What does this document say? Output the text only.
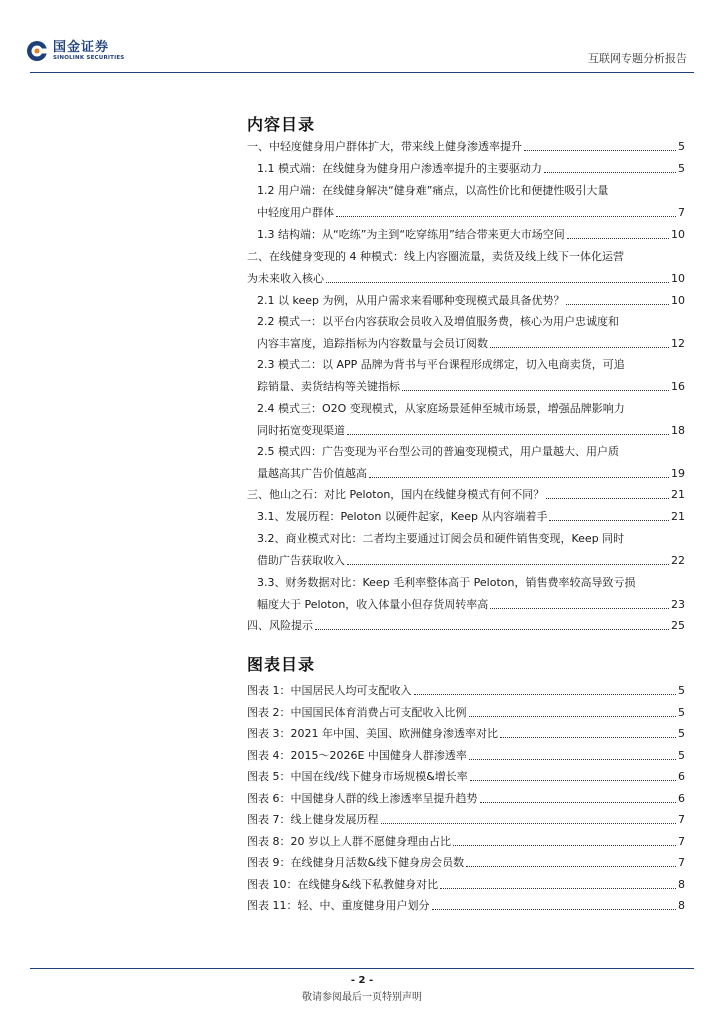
国金证券
SINOLINK SECURITIES	互联网专题分析报告
内容目录
一、中轻度健身用户群体扩大，带来线上健身渗透率提升	5
1.1 模式端：在线健身为健身用户渗透率提升的主要驱动力	5
1.2 用户端：在线健身解决“健身难”痛点，以高性价比和便捷性吸引大量
中轻度用户群体	7
1.3 结构端：从“吃练”为主到“吃穿练用”结合带来更大市场空间	10
二、在线健身变现的 4 种模式：线上内容圈流量，卖货及线上线下一体化运营
为未来收入核心	10
2.1 以 keep 为例，从用户需求来看哪种变现模式最具备优势？	10
2.2 模式一：以平台内容获取会员收入及增值服务费，核心为用户忠诚度和
内容丰富度，追踪指标为内容数量与会员订阅数	12
2.3 模式二：以 APP 品牌为背书与平台课程形成绑定，切入电商卖货，可追
踪销量、卖货结构等关键指标	16
2.4 模式三：O2O 变现模式，从家庭场景延伸至城市场景，增强品牌影响力
同时拓宽变现渠道	18
2.5 模式四：广告变现为平台型公司的普遍变现模式，用户量越大、用户质
量越高其广告价值越高	19
三、他山之石：对比 Peloton，国内在线健身模式有何不同？	21
3.1、发展历程：Peloton 以硬件起家，Keep 从内容端着手	21
3.2、商业模式对比：二者均主要通过订阅会员和硬件销售变现，Keep 同时
借助广告获取收入	22
3.3、财务数据对比：Keep 毛利率整体高于 Peloton，销售费率较高导致亏损
幅度大于 Peloton，收入体量小但存货周转率高	23
四、风险提示	25
图表目录
图表 1： 中国居民人均可支配收入	5
图表 2： 中国国民体育消费占可支配收入比例	5
图表 3： 2021 年中国、美国、欧洲健身渗透率对比	5
图表 4： 2015～2026E 中国健身人群渗透率	5
图表 5： 中国在线/线下健身市场规模&增长率	6
图表 6： 中国健身人群的线上渗透率呈提升趋势	6
图表 7： 线上健身发展历程	7
图表 8： 20 岁以上人群不愿健身理由占比	7
图表 9： 在线健身月活数&线下健身房会员数	7
图表 10： 在线健身&线下私教健身对比	8
图表 11： 轻、中、重度健身用户划分	8
- 2 -
敬请参阅最后一页特别声明
